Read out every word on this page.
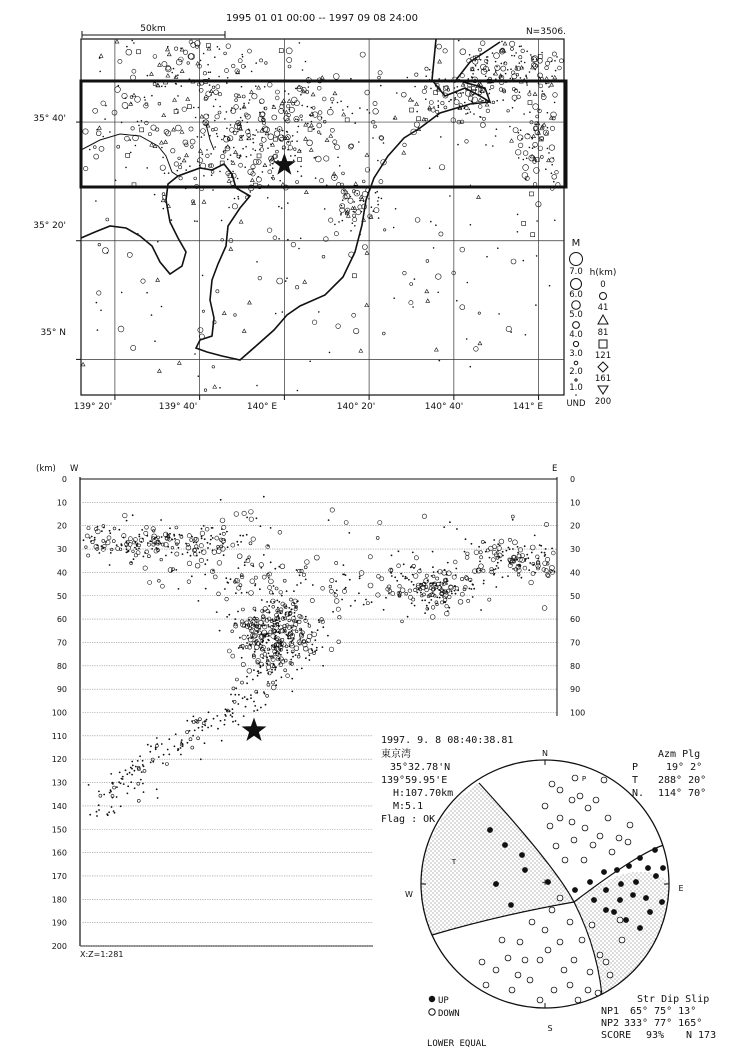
1995 01 01 00:00 -- 1997 09 08 24:00
N=3506.
50km
35° 40'
35° 20'
35° N
139° 20'	139° 40'	140° E	140° 20'	140° 40'	141° E
M
7.0
6.0
5.0
4.0
3.0
2.0
1.0
UND
h(km)
0
41
81
121
161
200
(km) W	E
0	0
10	10
20	20
30	30
40	40
50	50
60	60
70	70
80	80
90	90
100	100
110
120
130
140
150
160
170
180
190
200
X:Z=1:281
1997. 9. 8 08:40:38.81
東京湾
35°32.78'N
139°59.95'E
H:107.70km
M:5.1
Flag : OK
Azm Plg
P	19° 2°
T 288° 20°
N. 114° 70°
+
N
E
S
W
P
T
UP
DOWN
LOWER EQUAL
Str Dip Slip
NP1 65° 75° 13°
NP2 333° 77° 165°
SCORE 93% N 173
